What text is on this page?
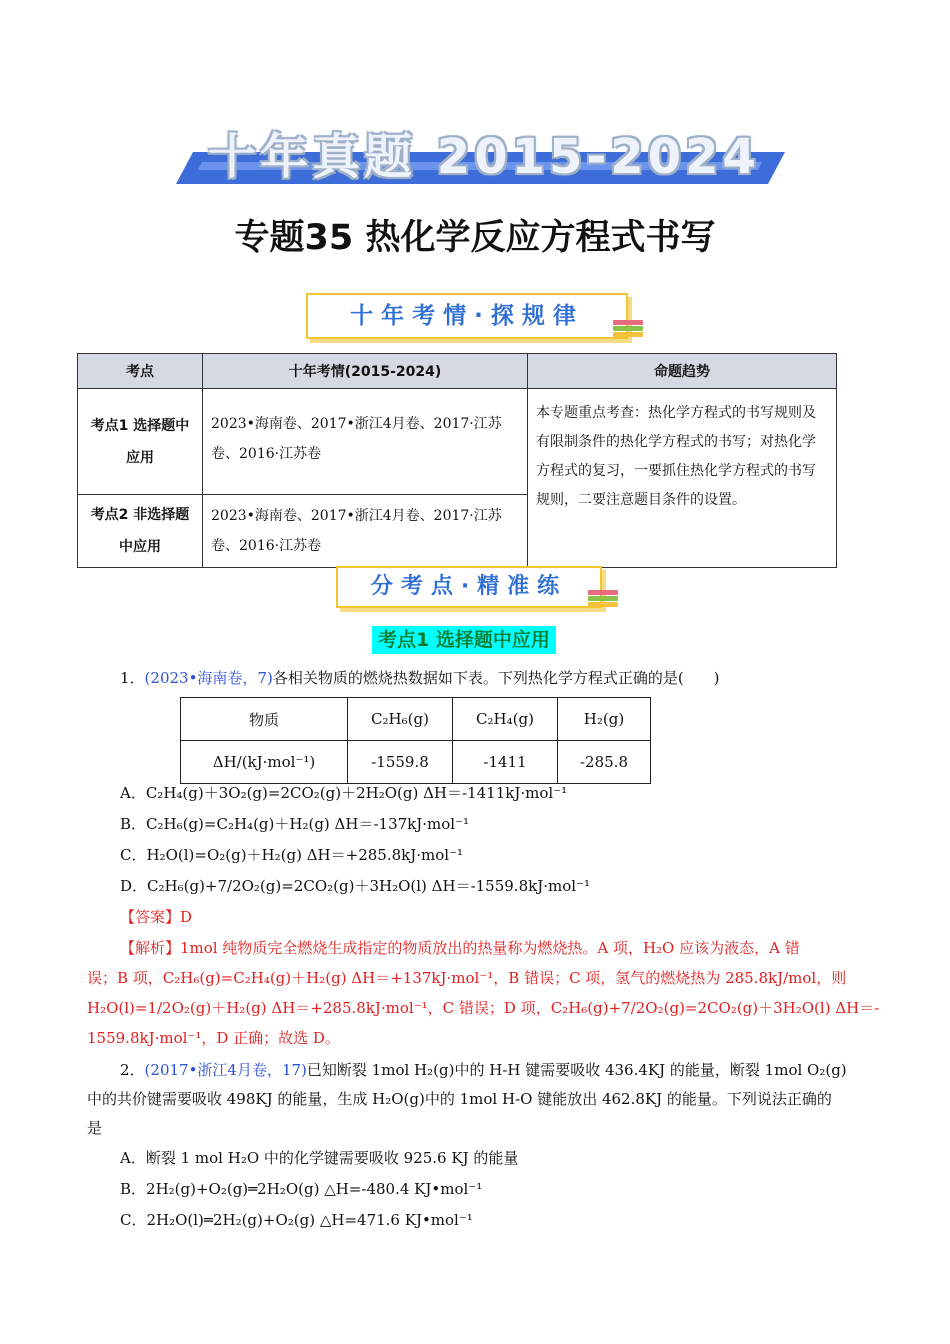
十年真题 2015-2024
专题35 热化学反应方程式书写
十年考情·探规律
考点	十年考情(2015-2024)	命题趋势

考点1 选择题中应用	2023•海南卷、2017•浙江4月卷、2017·江苏卷、2016·江苏卷	本专题重点考查：热化学方程式的书写规则及有限制条件的热化学方程式的书写；对热化学方程式的复习，一要抓住热化学方程式的书写规则，二要注意题目条件的设置。

考点2 非选择题中应用	2023•海南卷、2017•浙江4月卷、2017·江苏卷、2016·江苏卷	
分考点·精准练
考点1 选择题中应用
1．(2023•海南卷，7)各相关物质的燃烧热数据如下表。下列热化学方程式正确的是(　　)
物质	C₂H₆(g)	C₂H₄(g)	H₂(g)
ΔH/(kJ·mol⁻¹)	-1559.8	-1411	-285.8
A．C₂H₄(g)＋3O₂(g)=2CO₂(g)＋2H₂O(g) ΔH＝-1411kJ·mol⁻¹
B．C₂H₆(g)=C₂H₄(g)＋H₂(g) ΔH＝-137kJ·mol⁻¹
C．H₂O(l)=O₂(g)＋H₂(g) ΔH＝+285.8kJ·mol⁻¹
D．C₂H₆(g)+7/2O₂(g)=2CO₂(g)＋3H₂O(l) ΔH＝-1559.8kJ·mol⁻¹
【答案】D
【解析】1mol 纯物质完全燃烧生成指定的物质放出的热量称为燃烧热。A 项，H₂O 应该为液态，A 错
误；B 项，C₂H₆(g)=C₂H₄(g)＋H₂(g) ΔH＝+137kJ·mol⁻¹，B 错误；C 项，氢气的燃烧热为 285.8kJ/mol，则
H₂O(l)=1/2O₂(g)＋H₂(g) ΔH＝+285.8kJ·mol⁻¹，C 错误；D 项，C₂H₆(g)+7/2O₂(g)=2CO₂(g)＋3H₂O(l) ΔH＝-
1559.8kJ·mol⁻¹，D 正确；故选 D。
2．(2017•浙江4月卷，17)已知断裂 1mol H₂(g)中的 H-H 键需要吸收 436.4KJ 的能量，断裂 1mol O₂(g)
中的共价键需要吸收 498KJ 的能量，生成 H₂O(g)中的 1mol H-O 键能放出 462.8KJ 的能量。下列说法正确的
是
A．断裂 1 mol H₂O 中的化学键需要吸收 925.6 KJ 的能量
B．2H₂(g)+O₂(g)═2H₂O(g) △H=-480.4 KJ•mol⁻¹
C．2H₂O(l)═2H₂(g)+O₂(g) △H=471.6 KJ•mol⁻¹
